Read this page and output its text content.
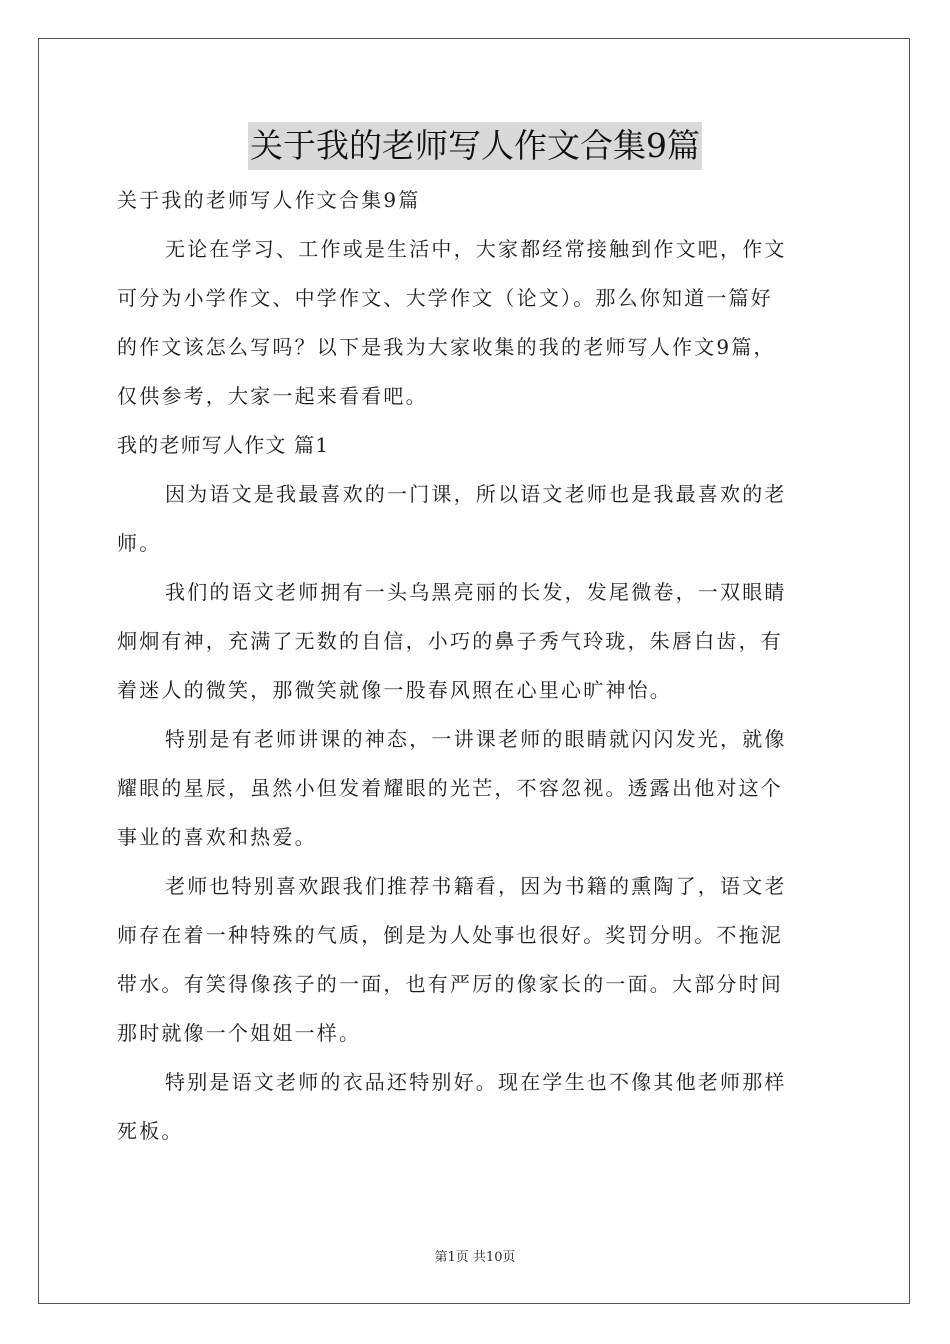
关于我的老师写人作文合集9篇

关于我的老师写人作文合集9篇

无论在学习、工作或是生活中，大家都经常接触到作文吧，作文

可分为小学作文、中学作文、大学作文（论文）。那么你知道一篇好

的作文该怎么写吗？以下是我为大家收集的我的老师写人作文9篇，

仅供参考，大家一起来看看吧。

我的老师写人作文 篇1

因为语文是我最喜欢的一门课，所以语文老师也是我最喜欢的老

师。

我们的语文老师拥有一头乌黑亮丽的长发，发尾微卷，一双眼睛

炯炯有神，充满了无数的自信，小巧的鼻子秀气玲珑，朱唇白齿，有

着迷人的微笑，那微笑就像一股春风照在心里心旷神怡。

特别是有老师讲课的神态，一讲课老师的眼睛就闪闪发光，就像

耀眼的星辰，虽然小但发着耀眼的光芒，不容忽视。透露出他对这个

事业的喜欢和热爱。

老师也特别喜欢跟我们推荐书籍看，因为书籍的熏陶了，语文老

师存在着一种特殊的气质，倒是为人处事也很好。奖罚分明。不拖泥

带水。有笑得像孩子的一面，也有严厉的像家长的一面。大部分时间

那时就像一个姐姐一样。

特别是语文老师的衣品还特别好。现在学生也不像其他老师那样

死板。

第1页 共10页
